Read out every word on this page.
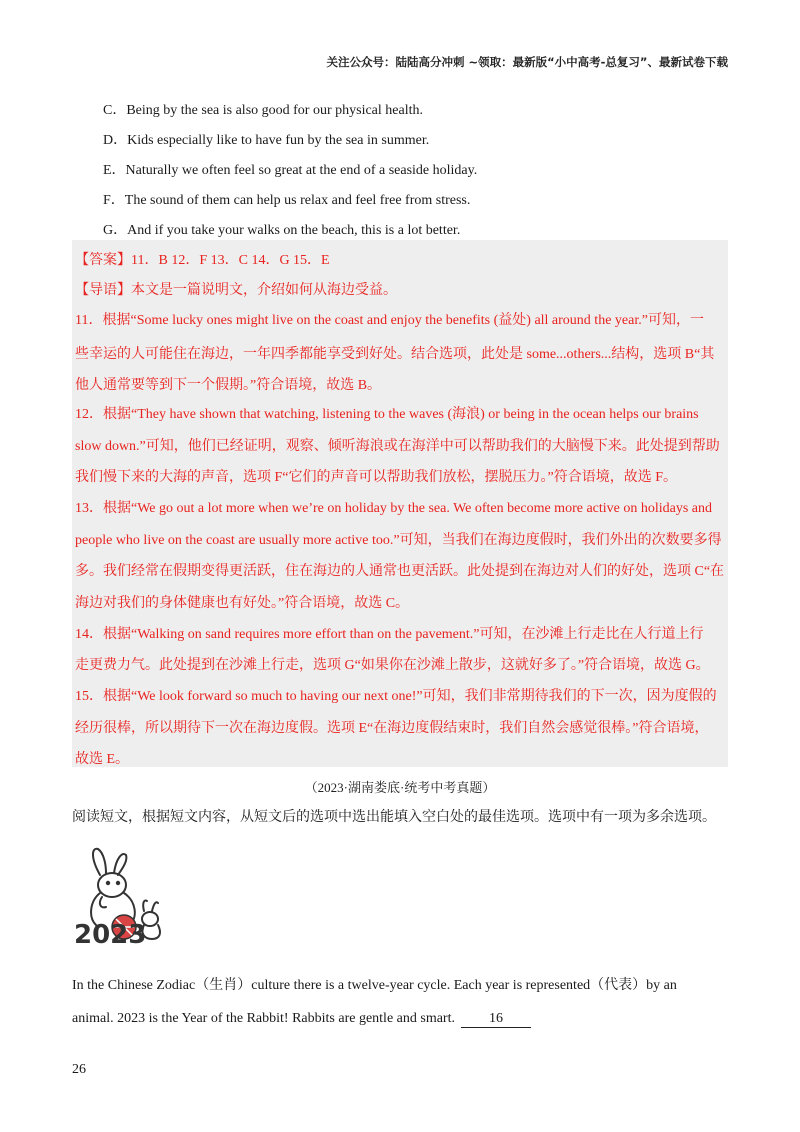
关注公众号：陆陆高分冲刺 ~领取：最新版“小中高考-总复习”、最新试卷下载
C．Being by the sea is also good for our physical health.
D．Kids especially like to have fun by the sea in summer.
E．Naturally we often feel so great at the end of a seaside holiday.
F．The sound of them can help us relax and feel free from stress.
G．And if you take your walks on the beach, this is a lot better.
【答案】11．B 12．F 13．C 14．G 15．E
【导语】本文是一篇说明文，介绍如何从海边受益。
11．根据“Some lucky ones might live on the coast and enjoy the benefits (益处) all around the year.”可知，一
些幸运的人可能住在海边，一年四季都能享受到好处。结合选项，此处是 some...others...结构，选项 B“其
他人通常要等到下一个假期。”符合语境，故选 B。
12．根据“They have shown that watching, listening to the waves (海浪) or being in the ocean helps our brains
slow down.”可知，他们已经证明，观察、倾听海浪或在海洋中可以帮助我们的大脑慢下来。此处提到帮助
我们慢下来的大海的声音，选项 F“它们的声音可以帮助我们放松，摆脱压力。”符合语境，故选 F。
13．根据“We go out a lot more when we’re on holiday by the sea. We often become more active on holidays and
people who live on the coast are usually more active too.”可知，当我们在海边度假时，我们外出的次数要多得
多。我们经常在假期变得更活跃，住在海边的人通常也更活跃。此处提到在海边对人们的好处，选项 C“在
海边对我们的身体健康也有好处。”符合语境，故选 C。
14．根据“Walking on sand requires more effort than on the pavement.”可知，在沙滩上行走比在人行道上行
走更费力气。此处提到在沙滩上行走，选项 G“如果你在沙滩上散步，这就好多了。”符合语境，故选 G。
15．根据“We look forward so much to having our next one!”可知，我们非常期待我们的下一次，因为度假的
经历很棒，所以期待下一次在海边度假。选项 E“在海边度假结束时，我们自然会感觉很棒。”符合语境，
故选 E。
（2023·湖南娄底·统考中考真题）
阅读短文，根据短文内容，从短文后的选项中选出能填入空白处的最佳选项。选项中有一项为多余选项。
2023
In the Chinese Zodiac（生肖）culture there is a twelve-year cycle. Each year is represented（代表）by an
animal. 2023 is the Year of the Rabbit! Rabbits are gentle and smart. 16
26
